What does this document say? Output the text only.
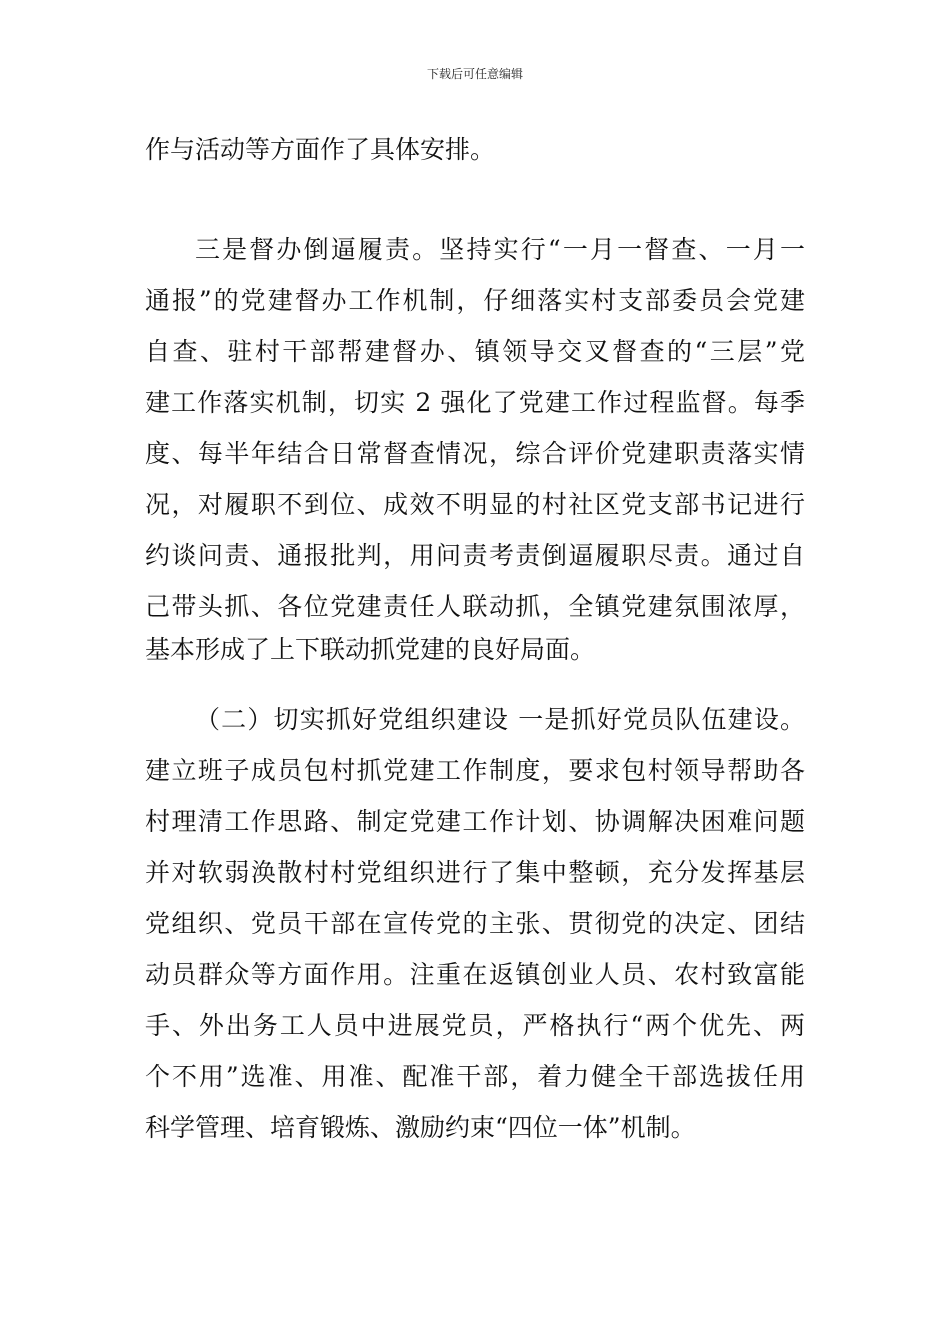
下载后可任意编辑
作与活动等方面作了具体安排。
三是督办倒逼履责。坚持实行“一月一督查、一月一
通报”的党建督办工作机制，仔细落实村支部委员会党建
自查、驻村干部帮建督办、镇领导交叉督查的“三层”党
建工作落实机制，切实 2 强化了党建工作过程监督。每季
度、每半年结合日常督查情况，综合评价党建职责落实情
况，对履职不到位、成效不明显的村社区党支部书记进行
约谈问责、通报批判，用问责考责倒逼履职尽责。通过自
己带头抓、各位党建责任人联动抓，全镇党建氛围浓厚，
基本形成了上下联动抓党建的良好局面。
（二）切实抓好党组织建设 一是抓好党员队伍建设。
建立班子成员包村抓党建工作制度，要求包村领导帮助各
村理清工作思路、制定党建工作计划、协调解决困难问题
并对软弱涣散村村党组织进行了集中整顿，充分发挥基层
党组织、党员干部在宣传党的主张、贯彻党的决定、团结
动员群众等方面作用。注重在返镇创业人员、农村致富能
手、外出务工人员中进展党员，严格执行“两个优先、两
个不用”选准、用准、配准干部，着力健全干部选拔任用
科学管理、培育锻炼、激励约束“四位一体”机制。
